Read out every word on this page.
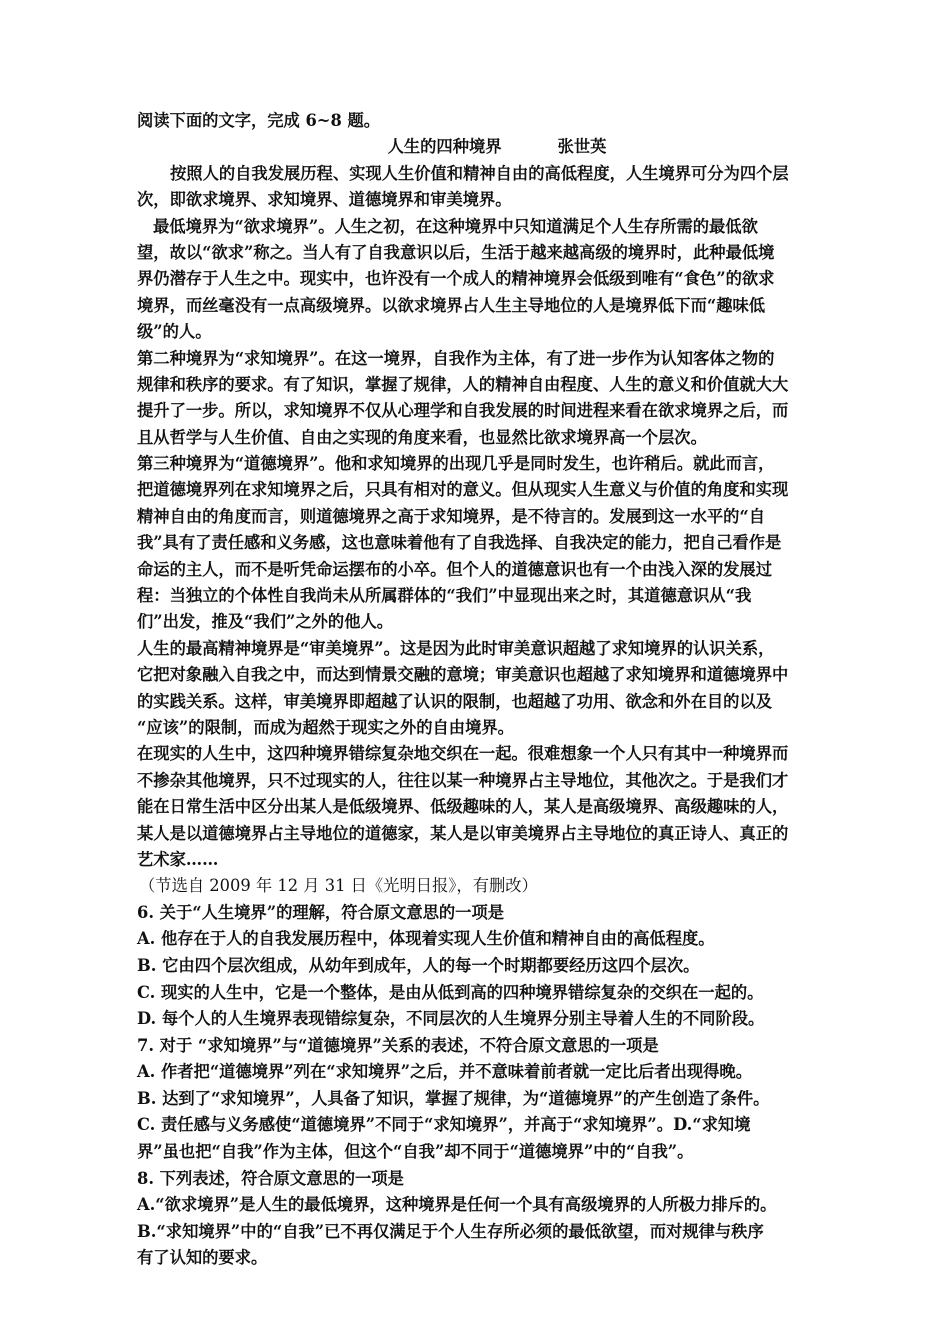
阅读下面的文字，完成 6~8 题。
人生的四种境界	张世英
按照人的自我发展历程、实现人生价值和精神自由的高低程度，人生境界可分为四个层
次，即欲求境界、求知境界、道德境界和审美境界。
最低境界为“欲求境界”。人生之初，在这种境界中只知道满足个人生存所需的最低欲
望，故以“欲求”称之。当人有了自我意识以后，生活于越来越高级的境界时，此种最低境
界仍潜存于人生之中。现实中，也许没有一个成人的精神境界会低级到唯有“食色”的欲求
境界，而丝毫没有一点高级境界。以欲求境界占人生主导地位的人是境界低下而“趣味低
级”的人。
第二种境界为“求知境界”。在这一境界，自我作为主体，有了进一步作为认知客体之物的
规律和秩序的要求。有了知识，掌握了规律，人的精神自由程度、人生的意义和价值就大大
提升了一步。所以，求知境界不仅从心理学和自我发展的时间进程来看在欲求境界之后，而
且从哲学与人生价值、自由之实现的角度来看，也显然比欲求境界高一个层次。
第三种境界为“道德境界”。他和求知境界的出现几乎是同时发生，也许稍后。就此而言，
把道德境界列在求知境界之后，只具有相对的意义。但从现实人生意义与价值的角度和实现
精神自由的角度而言，则道德境界之高于求知境界，是不待言的。发展到这一水平的“自
我”具有了责任感和义务感，这也意味着他有了自我选择、自我决定的能力，把自己看作是
命运的主人，而不是听凭命运摆布的小卒。但个人的道德意识也有一个由浅入深的发展过
程：当独立的个体性自我尚未从所属群体的“我们”中显现出来之时，其道德意识从“我
们”出发，推及“我们”之外的他人。
人生的最高精神境界是“审美境界”。这是因为此时审美意识超越了求知境界的认识关系，
它把对象融入自我之中，而达到情景交融的意境；审美意识也超越了求知境界和道德境界中
的实践关系。这样，审美境界即超越了认识的限制，也超越了功用、欲念和外在目的以及
“应该”的限制，而成为超然于现实之外的自由境界。
在现实的人生中，这四种境界错综复杂地交织在一起。很难想象一个人只有其中一种境界而
不掺杂其他境界，只不过现实的人，往往以某一种境界占主导地位，其他次之。于是我们才
能在日常生活中区分出某人是低级境界、低级趣味的人，某人是高级境界、高级趣味的人，
某人是以道德境界占主导地位的道德家，某人是以审美境界占主导地位的真正诗人、真正的
艺术家……
（节选自 2009 年 12 月 31 日《光明日报》，有删改）
6. 关于“人生境界”的理解，符合原文意思的一项是
A. 他存在于人的自我发展历程中，体现着实现人生价值和精神自由的高低程度。
B. 它由四个层次组成，从幼年到成年，人的每一个时期都要经历这四个层次。
C. 现实的人生中，它是一个整体，是由从低到高的四种境界错综复杂的交织在一起的。
D. 每个人的人生境界表现错综复杂，不同层次的人生境界分别主导着人生的不同阶段。
7. 对于 “求知境界”与“道德境界”关系的表述，不符合原文意思的一项是
A. 作者把“道德境界”列在“求知境界”之后，并不意味着前者就一定比后者出现得晚。
B. 达到了“求知境界”，人具备了知识，掌握了规律，为“道德境界”的产生创造了条件。
C. 责任感与义务感使“道德境界”不同于“求知境界”，并高于“求知境界”。D.“求知境
界”虽也把“自我”作为主体，但这个“自我”却不同于“道德境界”中的“自我”。
8. 下列表述，符合原文意思的一项是
A.“欲求境界”是人生的最低境界，这种境界是任何一个具有高级境界的人所极力排斥的。
B.“求知境界”中的“自我”已不再仅满足于个人生存所必须的最低欲望，而对规律与秩序
有了认知的要求。
